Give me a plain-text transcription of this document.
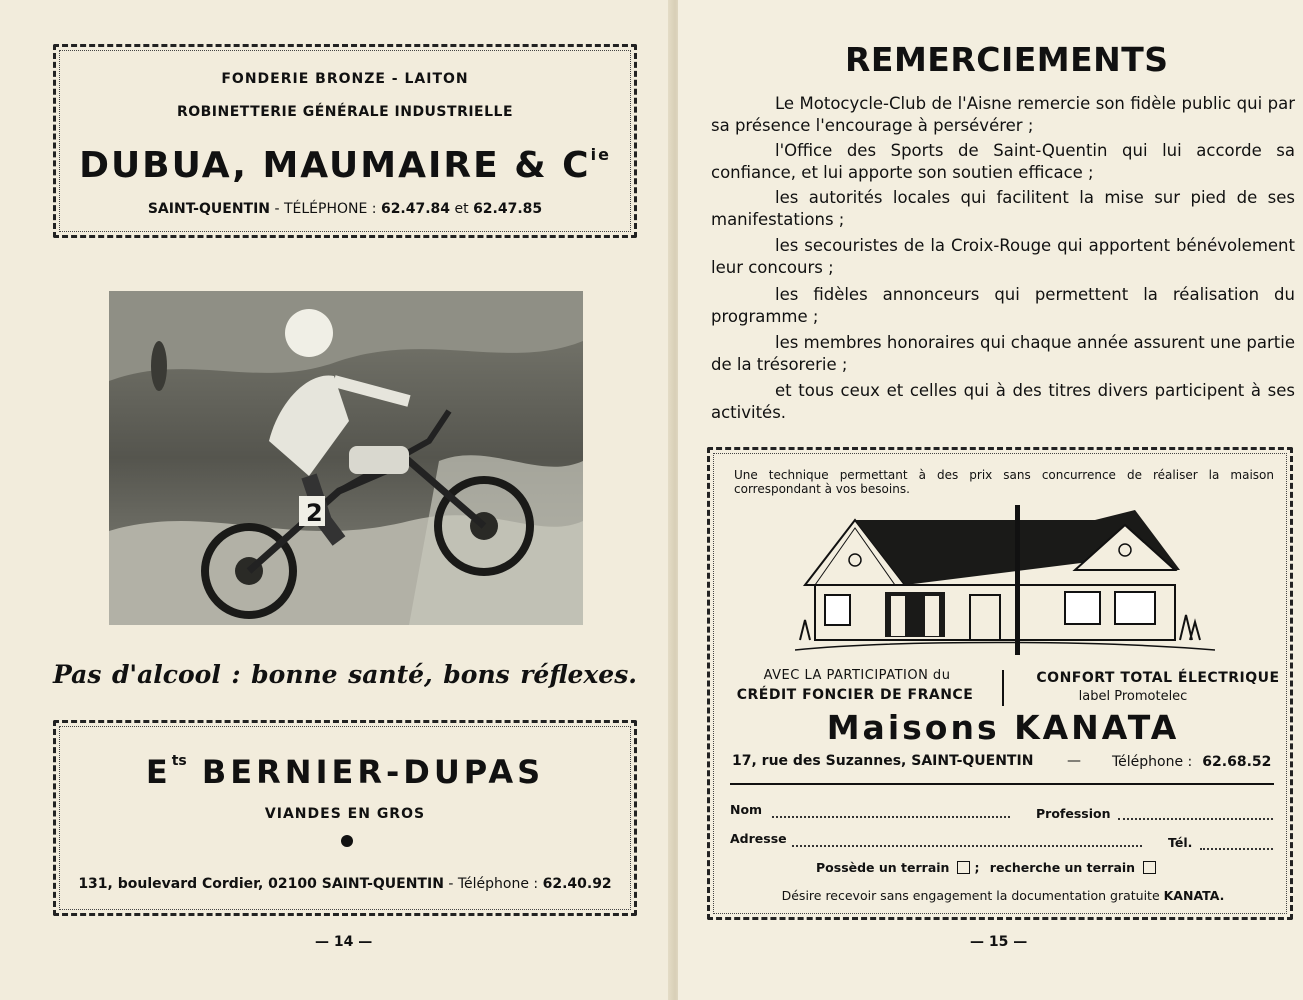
FONDERIE BRONZE - LAITON
ROBINETTERIE GÉNÉRALE INDUSTRIELLE
DUBUA, MAUMAIRE & $C^{ie}$
SAINT-QUENTIN - TÉLÉPHONE : 62.47.84 et 62.47.85
2
Pas d'alcool : bonne santé, bons réflexes.
$E^{ts}$ BERNIER-DUPAS
VIANDES EN GROS
131, boulevard Cordier, 02100 SAINT-QUENTIN - Téléphone : 62.40.92
— 14 —
REMERCIEMENTS

Le Motocycle-Club de l'Aisne remercie son fidèle public qui par sa présence l'encourage à persévérer ;

l'Office des Sports de Saint-Quentin qui lui accorde sa confiance, et lui apporte son soutien efficace ;

les autorités locales qui facilitent la mise sur pied de ses manifestations ;

les secouristes de la Croix-Rouge qui apportent bénévolement leur concours ;

les fidèles annonceurs qui permettent la réalisation du programme ;

les membres honoraires qui chaque année assurent une partie de la trésorerie ;

et tous ceux et celles qui à des titres divers participent à ses activités.

Une technique permettant à des prix sans concurrence de réaliser la maison correspondant à vos besoins.
AVEC LA PARTICIPATION du
CRÉDIT FONCIER DE FRANCE
CONFORT TOTAL ÉLECTRIQUE
label Promotelec
Maisons KANATA
17, rue des Suzannes, SAINT-QUENTIN — Téléphone : 62.68.52
Nom	Profession
Adresse	Tél.
Possède un terrain ; recherche un terrain
Désire recevoir sans engagement la documentation gratuite KANATA.
— 15 —
